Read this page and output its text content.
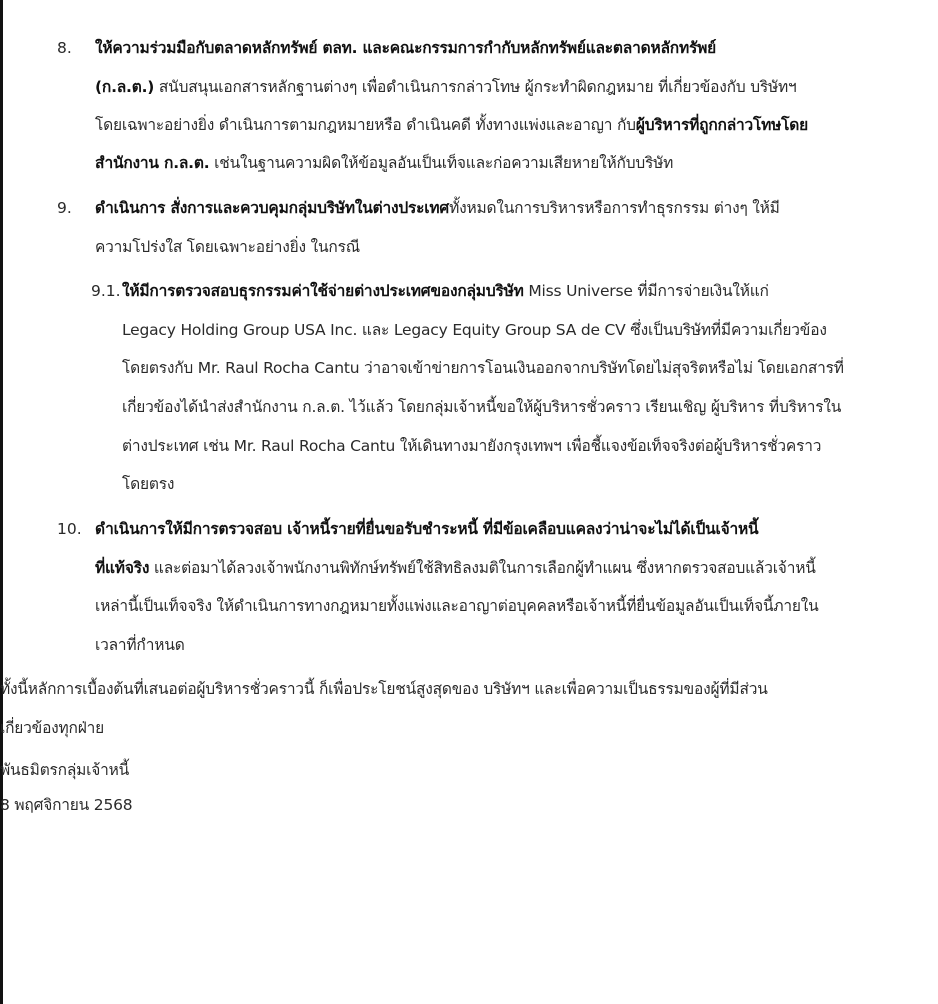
8. ให้ความร่วมมือกับตลาดหลักทรัพย์ ตลท. และคณะกรรมการกำกับหลักทรัพย์และตลาดหลักทรัพย์
(ก.ล.ต.) สนับสนุนเอกสารหลักฐานต่างๆ เพื่อดำเนินการกล่าวโทษ ผู้กระทำผิดกฎหมาย ที่เกี่ยวข้องกับ บริษัทฯ
โดยเฉพาะอย่างยิ่ง ดำเนินการตามกฎหมายหรือ ดำเนินคดี ทั้งทางแพ่งและอาญา กับผู้บริหารที่ถูกกล่าวโทษโดย
สำนักงาน ก.ล.ต. เช่นในฐานความผิดให้ข้อมูลอันเป็นเท็จและก่อความเสียหายให้กับบริษัท
9. ดำเนินการ สั่งการและควบคุมกลุ่มบริษัทในต่างประเทศทั้งหมดในการบริหารหรือการทำธุรกรรม ต่างๆ ให้มี
ความโปร่งใส โดยเฉพาะอย่างยิ่ง ในกรณี
9.1. ให้มีการตรวจสอบธุรกรรมค่าใช้จ่ายต่างประเทศของกลุ่มบริษัท Miss Universe ที่มีการจ่ายเงินให้แก่
Legacy Holding Group USA Inc. และ Legacy Equity Group SA de CV ซึ่งเป็นบริษัทที่มีความเกี่ยวข้อง
โดยตรงกับ Mr. Raul Rocha Cantu ว่าอาจเข้าข่ายการโอนเงินออกจากบริษัทโดยไม่สุจริตหรือไม่ โดยเอกสารที่
เกี่ยวข้องได้นำส่งสำนักงาน ก.ล.ต. ไว้แล้ว โดยกลุ่มเจ้าหนี้ขอให้ผู้บริหารชั่วคราว เรียนเชิญ ผู้บริหาร ที่บริหารใน
ต่างประเทศ เช่น Mr. Raul Rocha Cantu ให้เดินทางมายังกรุงเทพฯ เพื่อชี้แจงข้อเท็จจริงต่อผู้บริหารชั่วคราว
โดยตรง
10. ดำเนินการให้มีการตรวจสอบ เจ้าหนี้รายที่ยื่นขอรับชำระหนี้ ที่มีข้อเคลือบแคลงว่าน่าจะไม่ได้เป็นเจ้าหนี้
ที่แท้จริง และต่อมาได้ลวงเจ้าพนักงานพิทักษ์ทรัพย์ใช้สิทธิลงมติในการเลือกผู้ทำแผน ซึ่งหากตรวจสอบแล้วเจ้าหนี้
เหล่านี้เป็นเท็จจริง ให้ดำเนินการทางกฎหมายทั้งแพ่งและอาญาต่อบุคคลหรือเจ้าหนี้ที่ยื่นข้อมูลอันเป็นเท็จนี้ภายใน
เวลาที่กำหนด
ทั้งนี้หลักการเบื้องต้นที่เสนอต่อผู้บริหารชั่วคราวนี้ ก็เพื่อประโยชน์สูงสุดของ บริษัทฯ และเพื่อความเป็นธรรมของผู้ที่มีส่วน
เกี่ยวข้องทุกฝ่าย
พันธมิตรกลุ่มเจ้าหนี้
8 พฤศจิกายน 2568
